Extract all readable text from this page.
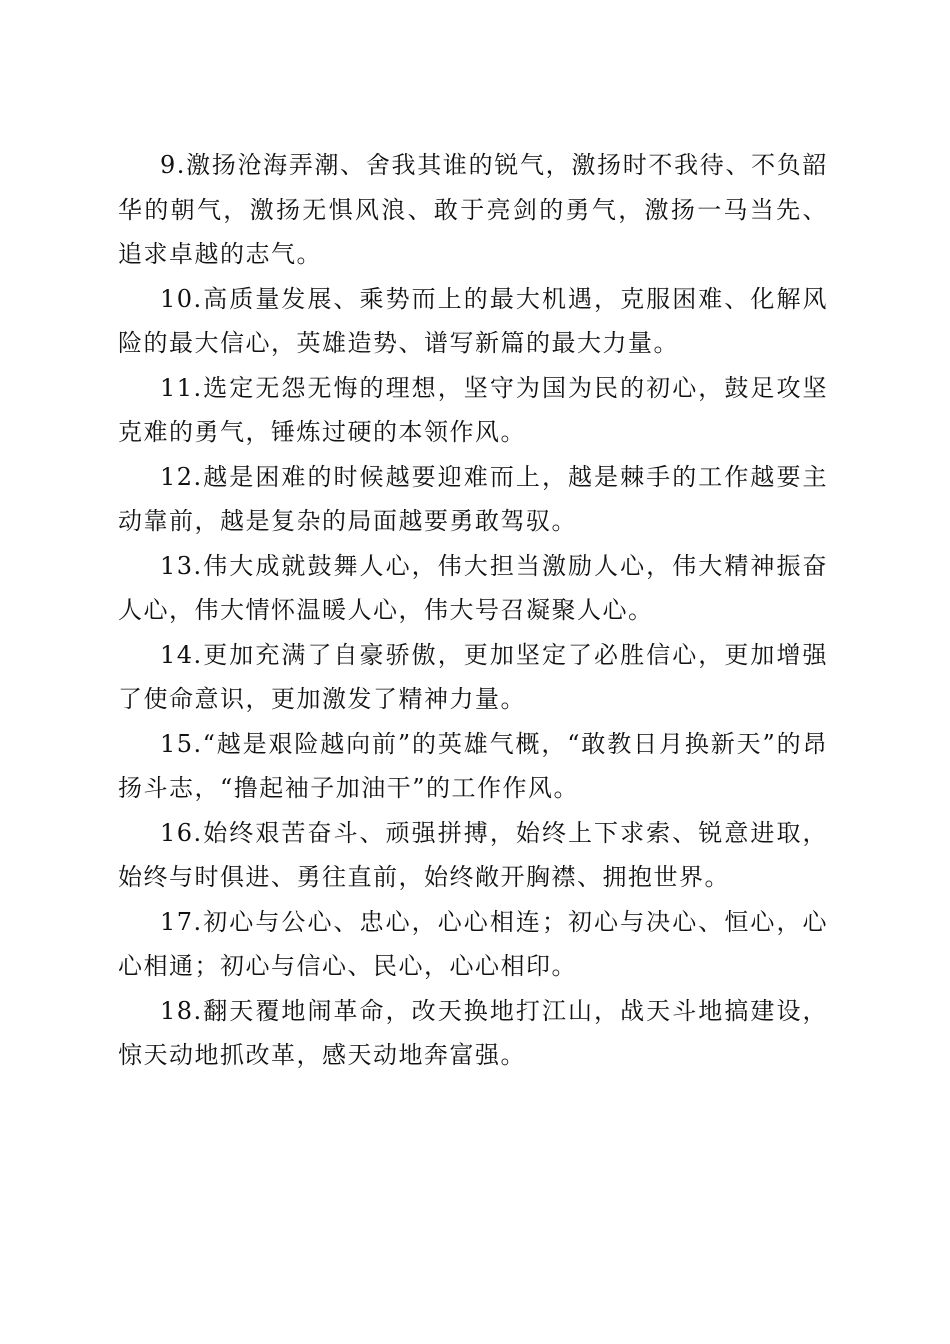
9.激扬沧海弄潮、舍我其谁的锐气，激扬时不我待、不负韶华的朝气，激扬无惧风浪、敢于亮剑的勇气，激扬一马当先、追求卓越的志气。

10.高质量发展、乘势而上的最大机遇，克服困难、化解风险的最大信心，英雄造势、谱写新篇的最大力量。

11.选定无怨无悔的理想，坚守为国为民的初心，鼓足攻坚克难的勇气，锤炼过硬的本领作风。

12.越是困难的时候越要迎难而上，越是棘手的工作越要主动靠前，越是复杂的局面越要勇敢驾驭。

13.伟大成就鼓舞人心，伟大担当激励人心，伟大精神振奋人心，伟大情怀温暖人心，伟大号召凝聚人心。

14.更加充满了自豪骄傲，更加坚定了必胜信心，更加增强了使命意识，更加激发了精神力量。

15.“越是艰险越向前”的英雄气概，“敢教日月换新天”的昂扬斗志，“撸起袖子加油干”的工作作风。

16.始终艰苦奋斗、顽强拼搏，始终上下求索、锐意进取，始终与时俱进、勇往直前，始终敞开胸襟、拥抱世界。

17.初心与公心、忠心，心心相连；初心与决心、恒心，心心相通；初心与信心、民心，心心相印。

18.翻天覆地闹革命，改天换地打江山，战天斗地搞建设，惊天动地抓改革，感天动地奔富强。
